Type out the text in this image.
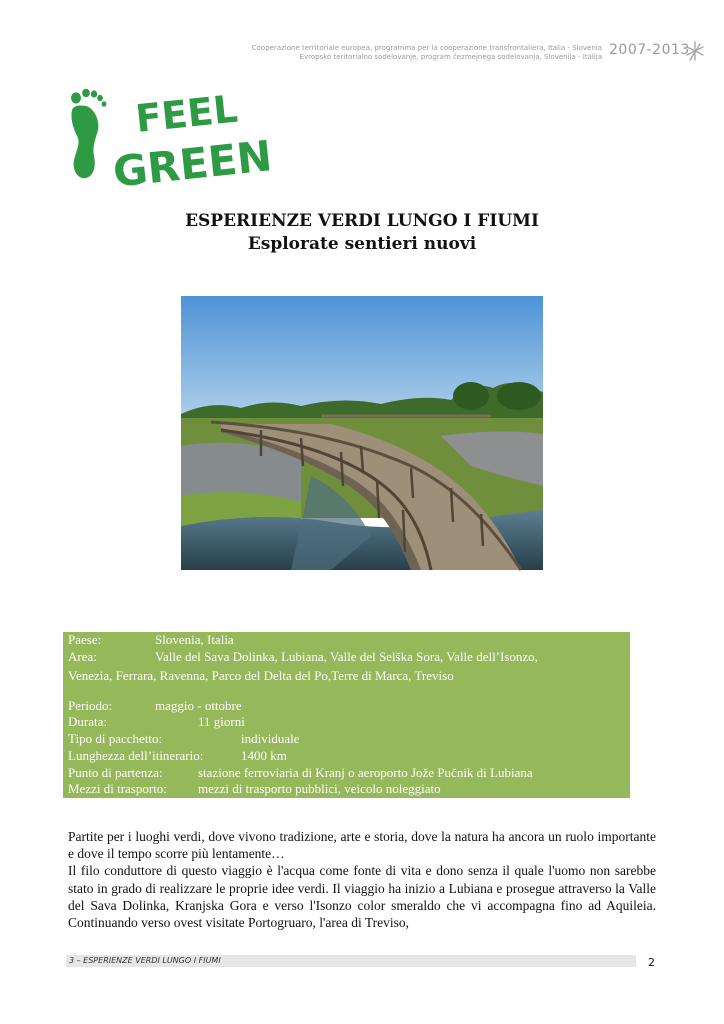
Cooperazione territoriale europea, programma per la cooperazione transfrontaliera, Italia - Slovenia
Evropsko teritorialno sodelovanje, program čezmejnega sodelovanja, Slovenija - Italija 2007-2013
FEEL
GREEN
ESPERIENZE VERDI LUNGO I FIUMI
Esplorate sentieri nuovi
Paese:	Slovenia, Italia
Area:	Valle del Sava Dolinka, Lubiana, Valle del Selška Sora, Valle dell’Isonzo,
Venezia, Ferrara, Ravenna, Parco del Delta del Po,Terre di Marca, Treviso
Periodo:	maggio - ottobre
Durata:	11 giorni
Tipo di pacchetto:	individuale
Lunghezza dell’itinerario:	1400 km
Punto di partenza:	stazione ferroviaria di Kranj o aeroporto Jože Pučnik di Lubiana
Mezzi di trasporto: mezzi di trasporto pubblici, veicolo noleggiato

Partite per i luoghi verdi, dove vivono tradizione, arte e storia, dove la natura ha ancora un ruolo importante e dove il tempo scorre più lentamente…

Il filo conduttore di questo viaggio è l'acqua come fonte di vita e dono senza il quale l'uomo non sarebbe stato in grado di realizzare le proprie idee verdi. Il viaggio ha inizio a Lubiana e prosegue attraverso la Valle del Sava Dolinka, Kranjska Gora e verso l'Isonzo color smeraldo che vi accompagna fino ad Aquileia. Continuando verso ovest visitate Portogruaro, l'area di Treviso,

3 – ESPERIENZE VERDI LUNGO I FIUMI	2
